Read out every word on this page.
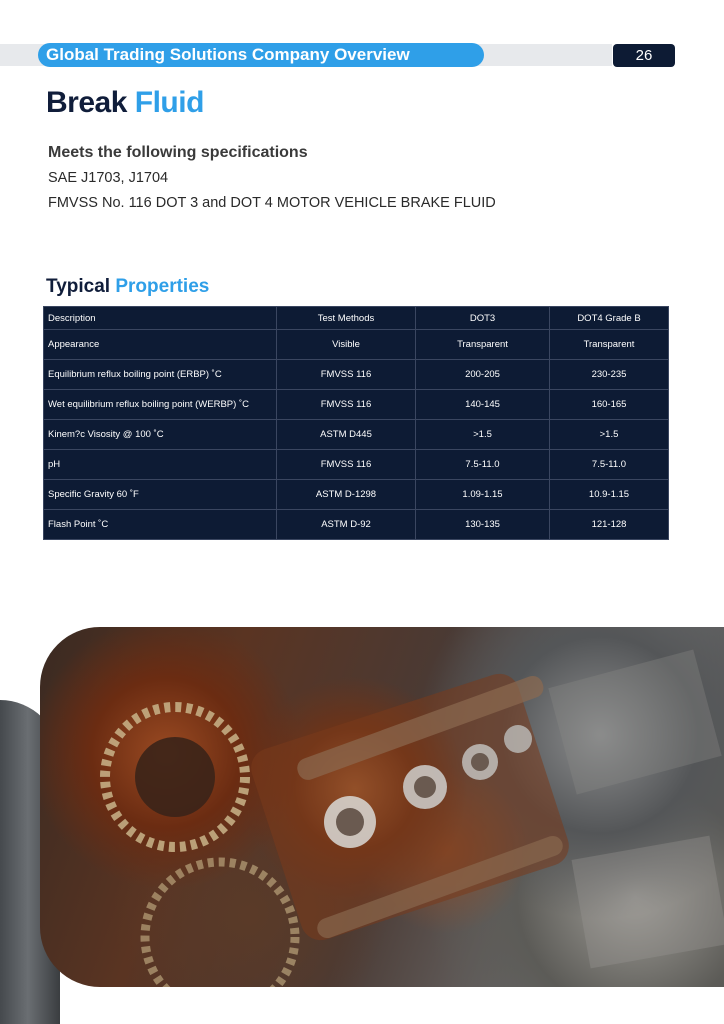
Global Trading Solutions Company Overview	26
Break Fluid
Meets the following specifications
SAE J1703, J1704
FMVSS No. 116 DOT 3 and DOT 4 MOTOR VEHICLE BRAKE FLUID
Typical Properties
Description	Test Methods	DOT3	DOT4 Grade B
Appearance	Visible	Transparent	Transparent
Equilibrium reflux boiling point (ERBP) ˚C	FMVSS 116	200-205	230-235
Wet equilibrium reflux boiling point (WERBP) ˚C	FMVSS 116	140-145	160-165
Kinem?c Visosity @ 100 ˚C	ASTM D445	>1.5	>1.5
pH	FMVSS 116	7.5-11.0	7.5-11.0
Specific Gravity 60 ˚F	ASTM D-1298	1.09-1.15	10.9-1.15
Flash Point ˚C	ASTM D-92	130-135	121-128
